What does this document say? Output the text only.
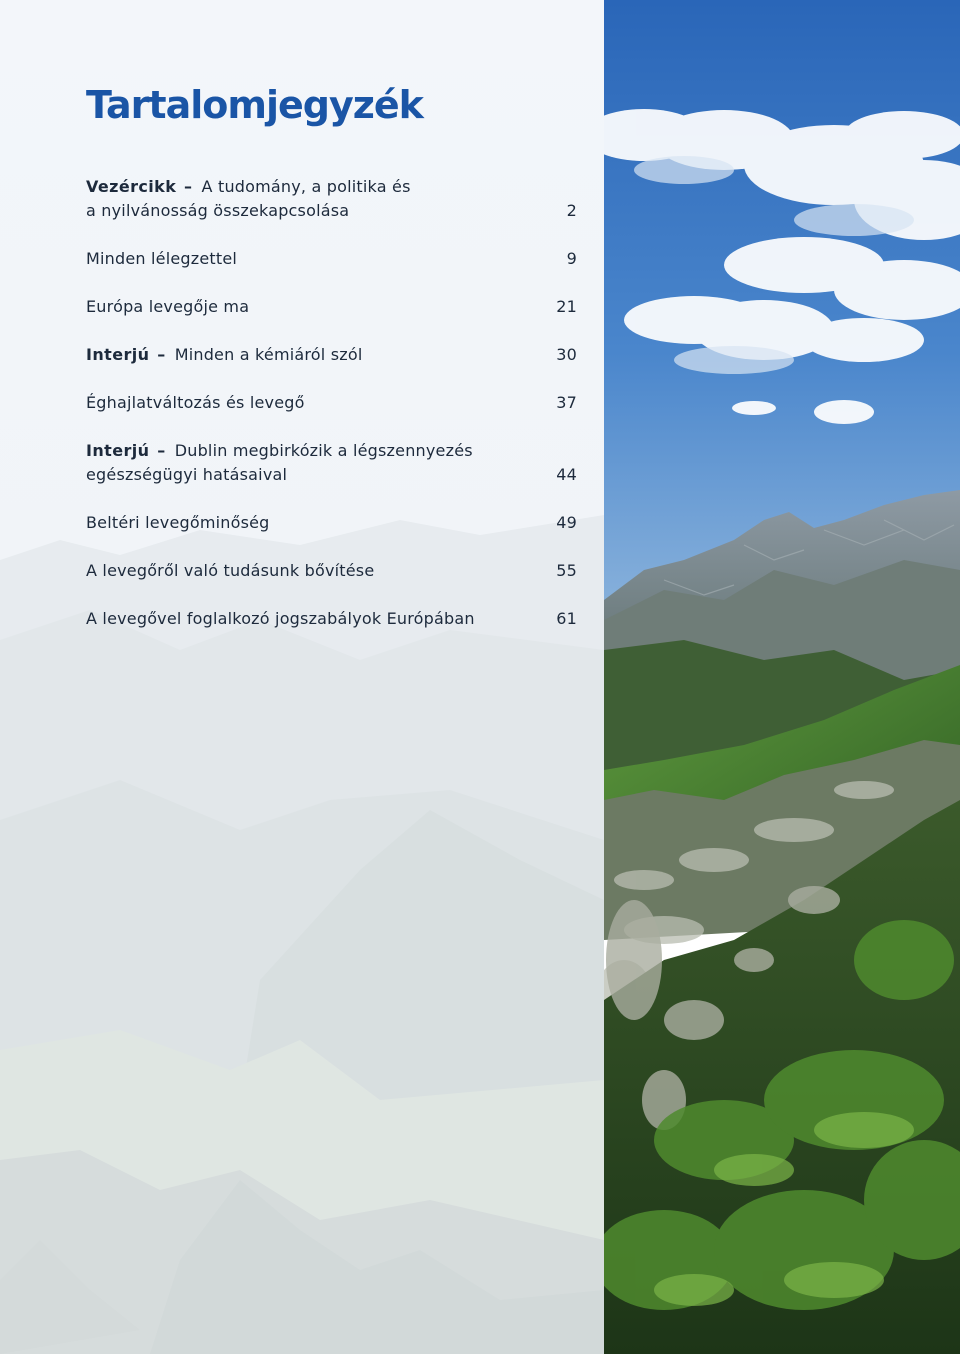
Tartalomjegyzék
Vezércikk – A tudomány, a politika és
a nyilvánosság összekapcsolása	2
Minden lélegzettel	9
Európa levegője ma	21
Interjú – Minden a kémiáról szól	30
Éghajlatváltozás és levegő	37
Interjú – Dublin megbirkózik a légszennyezés
egészségügyi hatásaival	44
Beltéri levegőminőség	49
A levegőről való tudásunk bővítése	55
A levegővel foglalkozó jogszabályok Európában	61
